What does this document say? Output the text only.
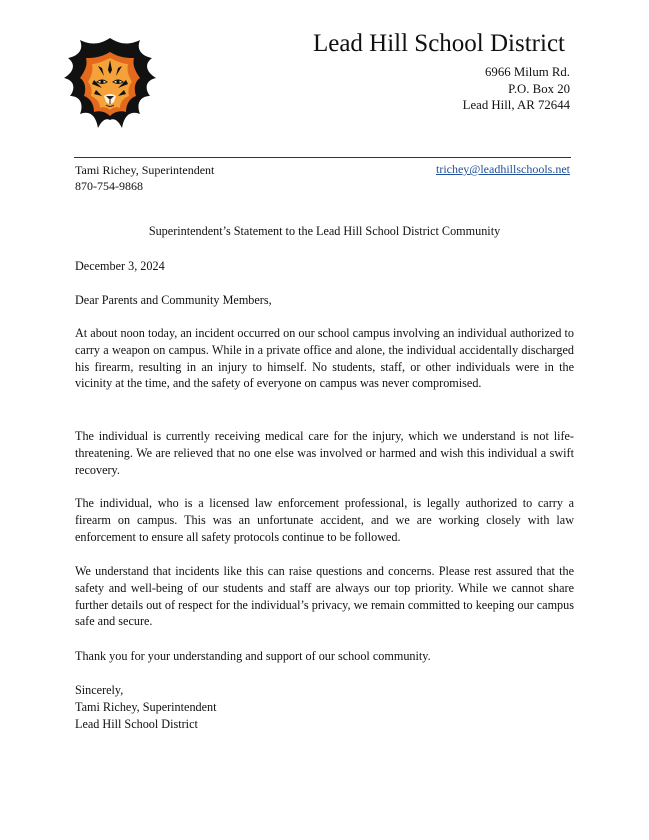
Lead Hill School District
6966 Milum Rd.
P.O. Box 20
Lead Hill, AR 72644
Tami Richey, Superintendent
870-754-9868
trichey@leadhillschools.net
Superintendent’s Statement to the Lead Hill School District Community
December 3, 2024
Dear Parents and Community Members,
At about noon today, an incident occurred on our school campus involving an individual authorized to carry a weapon on campus. While in a private office and alone, the individual accidentally discharged his firearm, resulting in an injury to himself. No students, staff, or other individuals were in the vicinity at the time, and the safety of everyone on campus was never compromised.
The individual is currently receiving medical care for the injury, which we understand is not life-threatening. We are relieved that no one else was involved or harmed and wish this individual a swift recovery.
The individual, who is a licensed law enforcement professional, is legally authorized to carry a firearm on campus. This was an unfortunate accident, and we are working closely with law enforcement to ensure all safety protocols continue to be followed.
We understand that incidents like this can raise questions and concerns. Please rest assured that the safety and well-being of our students and staff are always our top priority. While we cannot share further details out of respect for the individual’s privacy, we remain committed to keeping our campus safe and secure.
Thank you for your understanding and support of our school community.
Sincerely,
Tami Richey, Superintendent
Lead Hill School District
